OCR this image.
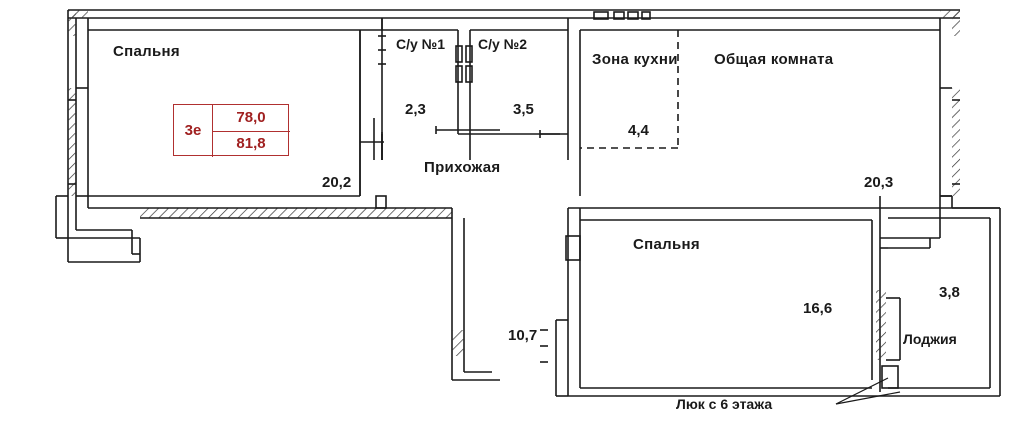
Спальня
20,2
С/у №1
2,3
С/у №2
3,5
Зона кухни
4,4
Общая комната
20,3
Прихожая
10,7
Спальня
16,6
Лоджия
3,8
Люк с 6 этажа
3е
78,0
81,8
